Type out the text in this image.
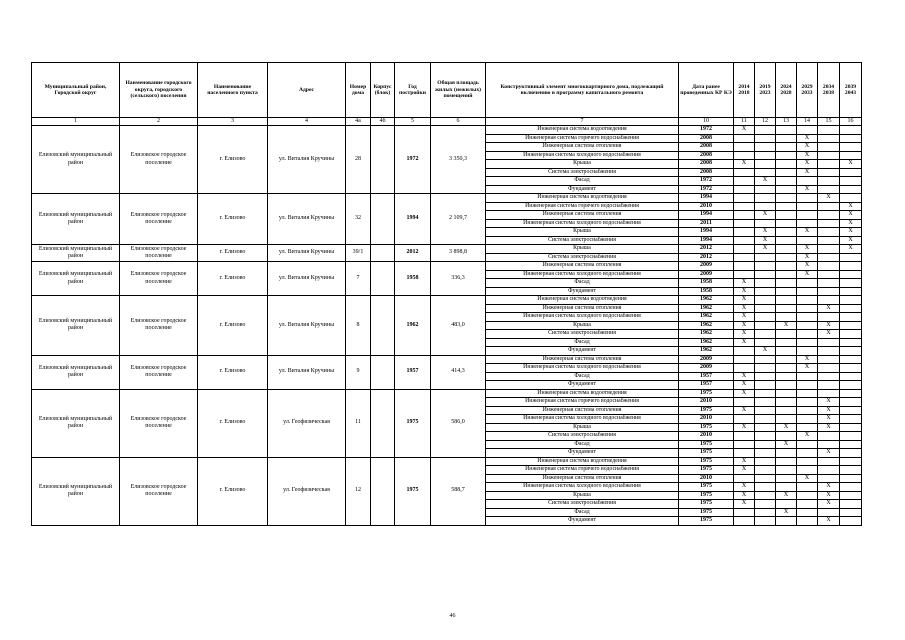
Муниципальный район, Городской округ	Наименование городского округа, городского (сельского) поселения	Наименование населенного пункта	Адрес	Номер дома	Корпус (блок)	Год постройки	Общая площадь жилых (нежилых) помещений	Конструктивный элемент многоквартирного дома, подлежащий включению в программу капитального ремонта	Дата ранее проведенных КР КЭ	2014 2018	2019 2023	2024 2028	2029 2033	2034 2038	2039 2043
1	2	3	4	4а	4б	5	6	7	10	11	12	13	14	15	16
Елизовский муниципальный район	Елизовское городское поселение	г. Елизово	ул. Виталия Кручины	28		1972	3 350,3	Инженерная система водоотведения	1972	X					
								Инженерная система горячего водоснабжения	2008				X		
								Инженерная система отопления	2008				X		
								Инженерная система холодного водоснабжения	2008				X		
								Крыша	2008	X			X		X
								Система электроснабжения	2008				X		
								Фасад	1972		X				
								Фундамент	1972				X		
Елизовский муниципальный район	Елизовское городское поселение	г. Елизово	ул. Виталия Кручины	32		1994	2 109,7	Инженерная система водоотведения	1994					X	
								Инженерная система горячего водоснабжения	2010						X
								Инженерная система отопления	1994		X				X
								Инженерная система холодного водоснабжения	2011						X
								Крыша	1994		X		X		X
								Система электроснабжения	1994		X				X
Елизовский муниципальный район	Елизовское городское поселение	г. Елизово	ул. Виталия Кручины	39/1		2012	3 898,8	Крыша	2012		X		X		X
								Система электроснабжения	2012				X		
Елизовский муниципальный район	Елизовское городское поселение	г. Елизово	ул. Виталия Кручины	7		1958	336,3	Инженерная система отопления	2009				X		
								Инженерная система холодного водоснабжения	2009				X		
								Фасад	1958	X					
								Фундамент	1958	X					
Елизовский муниципальный район	Елизовское городское поселение	г. Елизово	ул. Виталия Кручины	8		1962	483,0	Инженерная система водоотведения	1962	X					
								Инженерная система отопления	1962	X				X	
								Инженерная система холодного водоснабжения	1962	X					
								Крыша	1962	X		X		X	
								Система электроснабжения	1962	X				X	
								Фасад	1962	X					
								Фундамент	1962		X				
Елизовский муниципальный район	Елизовское городское поселение	г. Елизово	ул. Виталия Кручины	9		1957	414,3	Инженерная система отопления	2009				X		
								Инженерная система холодного водоснабжения	2009				X		
								Фасад	1957	X					
								Фундамент	1957	X					
Елизовский муниципальный район	Елизовское городское поселение	г. Елизово	ул. Геофизическая	11		1975	586,0	Инженерная система водоотведения	1975	X					
								Инженерная система горячего водоснабжения	2010					X	
								Инженерная система отопления	1975	X				X	
								Инженерная система холодного водоснабжения	2010					X	
								Крыша	1975	X		X		X	
								Система электроснабжения	2010				X		
								Фасад	1975			X			
								Фундамент	1975					X	
Елизовский муниципальный район	Елизовское городское поселение	г. Елизово	ул. Геофизическая	12		1975	588,7	Инженерная система водоотведения	1975	X					
								Инженерная система горячего водоснабжения	1975	X					
								Инженерная система отопления	2010				X		
								Инженерная система холодного водоснабжения	1975	X				X	
								Крыша	1975	X		X		X	
								Система электроснабжения	1975	X				X	
								Фасад	1975			X			
								Фундамент	1975					X	
46
